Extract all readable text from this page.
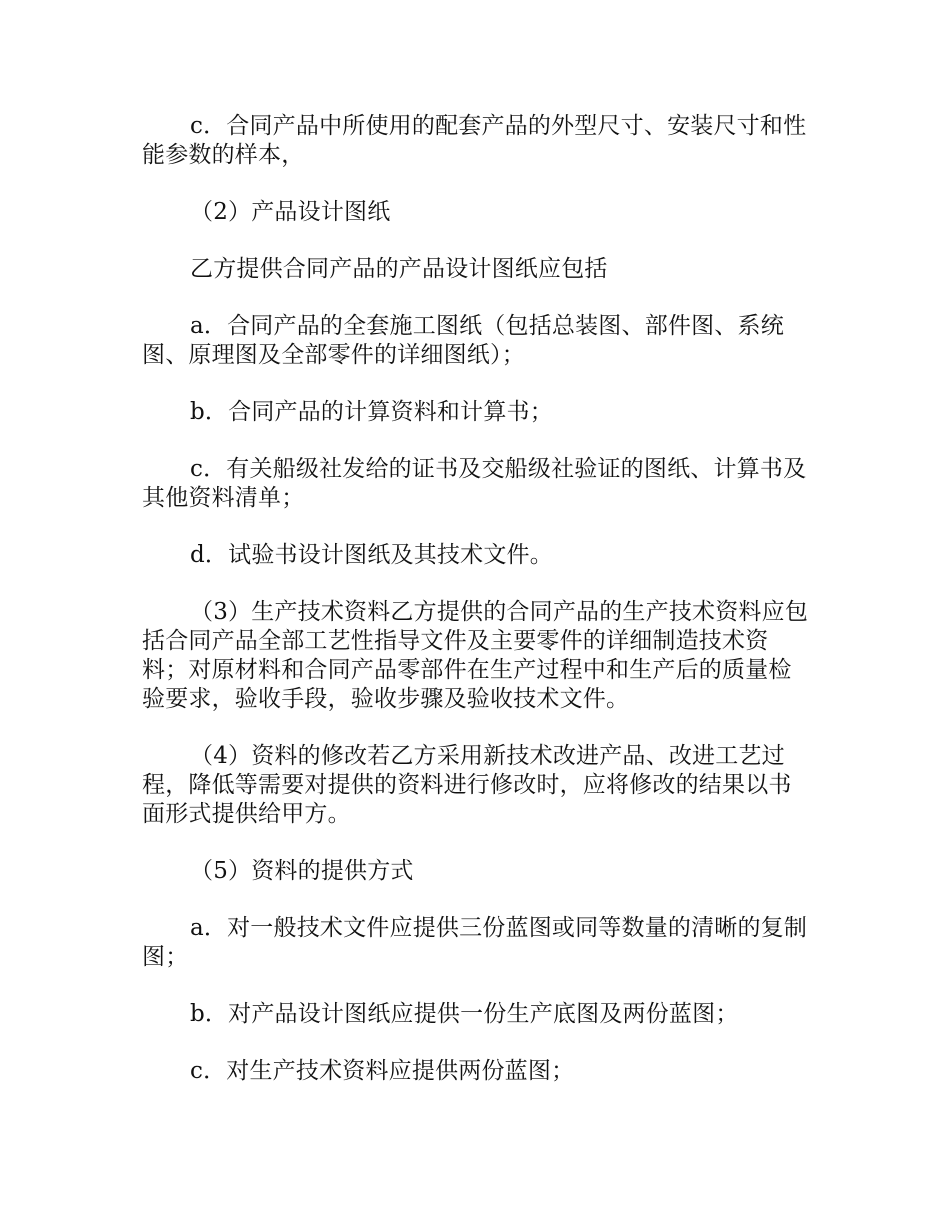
c．合同产品中所使用的配套产品的外型尺寸、安装尺寸和性能参数的样本，

（2）产品设计图纸

乙方提供合同产品的产品设计图纸应包括

a．合同产品的全套施工图纸（包括总装图、部件图、系统图、原理图及全部零件的详细图纸）；

b．合同产品的计算资料和计算书；

c．有关船级社发给的证书及交船级社验证的图纸、计算书及其他资料清单；

d．试验书设计图纸及其技术文件。

（3）生产技术资料乙方提供的合同产品的生产技术资料应包括合同产品全部工艺性指导文件及主要零件的详细制造技术资料；对原材料和合同产品零部件在生产过程中和生产后的质量检验要求，验收手段，验收步骤及验收技术文件。

（4）资料的修改若乙方采用新技术改进产品、改进工艺过程，降低等需要对提供的资料进行修改时，应将修改的结果以书面形式提供给甲方。

（5）资料的提供方式

a．对一般技术文件应提供三份蓝图或同等数量的清晰的复制图；

b．对产品设计图纸应提供一份生产底图及两份蓝图；

c．对生产技术资料应提供两份蓝图；
